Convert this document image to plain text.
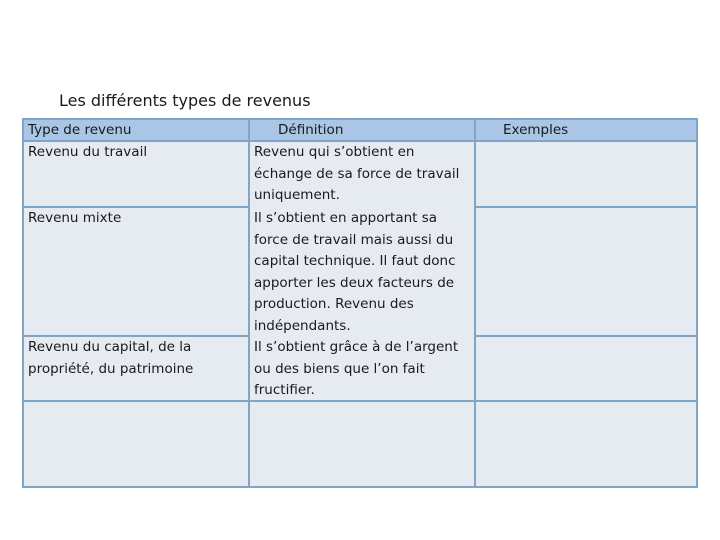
Les différents types de revenus
Type de revenu	Définition	Exemples
Revenu du travail
Revenu mixte
Revenu du capital, de la propriété, du patrimoine
Revenu qui s’obtient en échange de sa force de travail uniquement.
Il s’obtient en apportant sa force de travail mais aussi du capital technique. Il faut donc apporter les deux facteurs de production. Revenu des indépendants.
Il s’obtient grâce à de l’argent ou des biens que l’on fait fructifier.
